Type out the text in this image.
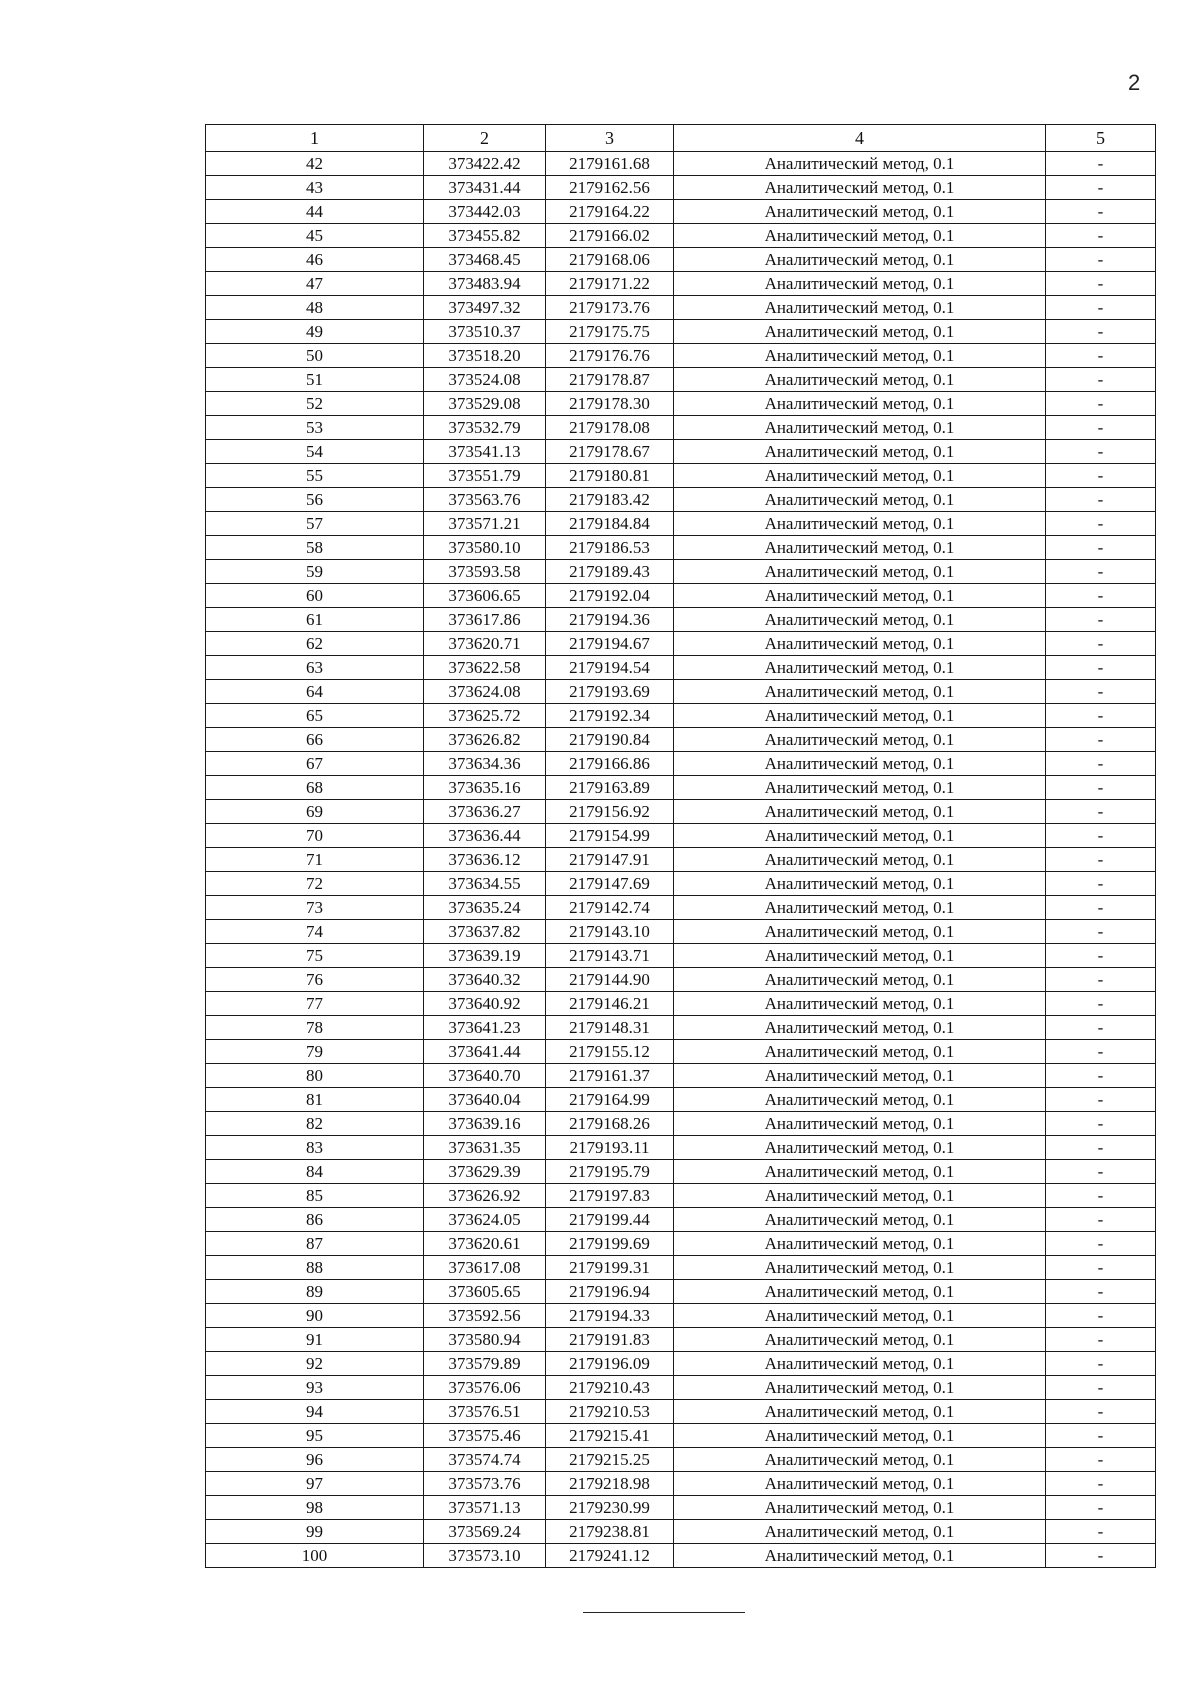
2
1	2	3	4	5
42	373422.42	2179161.68	Аналитический метод, 0.1	-
43	373431.44	2179162.56	Аналитический метод, 0.1	-
44	373442.03	2179164.22	Аналитический метод, 0.1	-
45	373455.82	2179166.02	Аналитический метод, 0.1	-
46	373468.45	2179168.06	Аналитический метод, 0.1	-
47	373483.94	2179171.22	Аналитический метод, 0.1	-
48	373497.32	2179173.76	Аналитический метод, 0.1	-
49	373510.37	2179175.75	Аналитический метод, 0.1	-
50	373518.20	2179176.76	Аналитический метод, 0.1	-
51	373524.08	2179178.87	Аналитический метод, 0.1	-
52	373529.08	2179178.30	Аналитический метод, 0.1	-
53	373532.79	2179178.08	Аналитический метод, 0.1	-
54	373541.13	2179178.67	Аналитический метод, 0.1	-
55	373551.79	2179180.81	Аналитический метод, 0.1	-
56	373563.76	2179183.42	Аналитический метод, 0.1	-
57	373571.21	2179184.84	Аналитический метод, 0.1	-
58	373580.10	2179186.53	Аналитический метод, 0.1	-
59	373593.58	2179189.43	Аналитический метод, 0.1	-
60	373606.65	2179192.04	Аналитический метод, 0.1	-
61	373617.86	2179194.36	Аналитический метод, 0.1	-
62	373620.71	2179194.67	Аналитический метод, 0.1	-
63	373622.58	2179194.54	Аналитический метод, 0.1	-
64	373624.08	2179193.69	Аналитический метод, 0.1	-
65	373625.72	2179192.34	Аналитический метод, 0.1	-
66	373626.82	2179190.84	Аналитический метод, 0.1	-
67	373634.36	2179166.86	Аналитический метод, 0.1	-
68	373635.16	2179163.89	Аналитический метод, 0.1	-
69	373636.27	2179156.92	Аналитический метод, 0.1	-
70	373636.44	2179154.99	Аналитический метод, 0.1	-
71	373636.12	2179147.91	Аналитический метод, 0.1	-
72	373634.55	2179147.69	Аналитический метод, 0.1	-
73	373635.24	2179142.74	Аналитический метод, 0.1	-
74	373637.82	2179143.10	Аналитический метод, 0.1	-
75	373639.19	2179143.71	Аналитический метод, 0.1	-
76	373640.32	2179144.90	Аналитический метод, 0.1	-
77	373640.92	2179146.21	Аналитический метод, 0.1	-
78	373641.23	2179148.31	Аналитический метод, 0.1	-
79	373641.44	2179155.12	Аналитический метод, 0.1	-
80	373640.70	2179161.37	Аналитический метод, 0.1	-
81	373640.04	2179164.99	Аналитический метод, 0.1	-
82	373639.16	2179168.26	Аналитический метод, 0.1	-
83	373631.35	2179193.11	Аналитический метод, 0.1	-
84	373629.39	2179195.79	Аналитический метод, 0.1	-
85	373626.92	2179197.83	Аналитический метод, 0.1	-
86	373624.05	2179199.44	Аналитический метод, 0.1	-
87	373620.61	2179199.69	Аналитический метод, 0.1	-
88	373617.08	2179199.31	Аналитический метод, 0.1	-
89	373605.65	2179196.94	Аналитический метод, 0.1	-
90	373592.56	2179194.33	Аналитический метод, 0.1	-
91	373580.94	2179191.83	Аналитический метод, 0.1	-
92	373579.89	2179196.09	Аналитический метод, 0.1	-
93	373576.06	2179210.43	Аналитический метод, 0.1	-
94	373576.51	2179210.53	Аналитический метод, 0.1	-
95	373575.46	2179215.41	Аналитический метод, 0.1	-
96	373574.74	2179215.25	Аналитический метод, 0.1	-
97	373573.76	2179218.98	Аналитический метод, 0.1	-
98	373571.13	2179230.99	Аналитический метод, 0.1	-
99	373569.24	2179238.81	Аналитический метод, 0.1	-
100	373573.10	2179241.12	Аналитический метод, 0.1	-
